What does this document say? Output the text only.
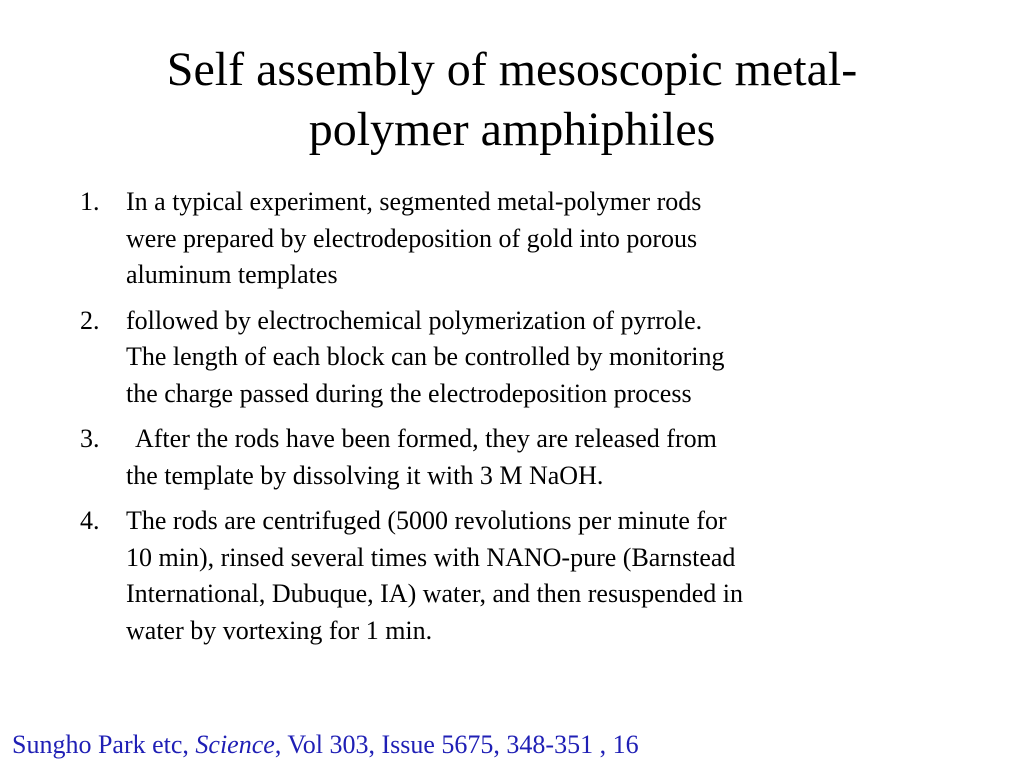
Self assembly of mesoscopic metal-
polymer amphiphiles
1.	In a typical experiment, segmented metal-polymer rods
were prepared by electrodeposition of gold into porous
aluminum templates
2.	followed by electrochemical polymerization of pyrrole.
The length of each block can be controlled by monitoring
the charge passed during the electrodeposition process
3.	After the rods have been formed, they are released from
the template by dissolving it with 3 M NaOH.
4.	The rods are centrifuged (5000 revolutions per minute for
10 min), rinsed several times with NANO-pure (Barnstead
International, Dubuque, IA) water, and then resuspended in
water by vortexing for 1 min.
Sungho Park etc, Science, Vol 303, Issue 5675, 348-351 , 16
